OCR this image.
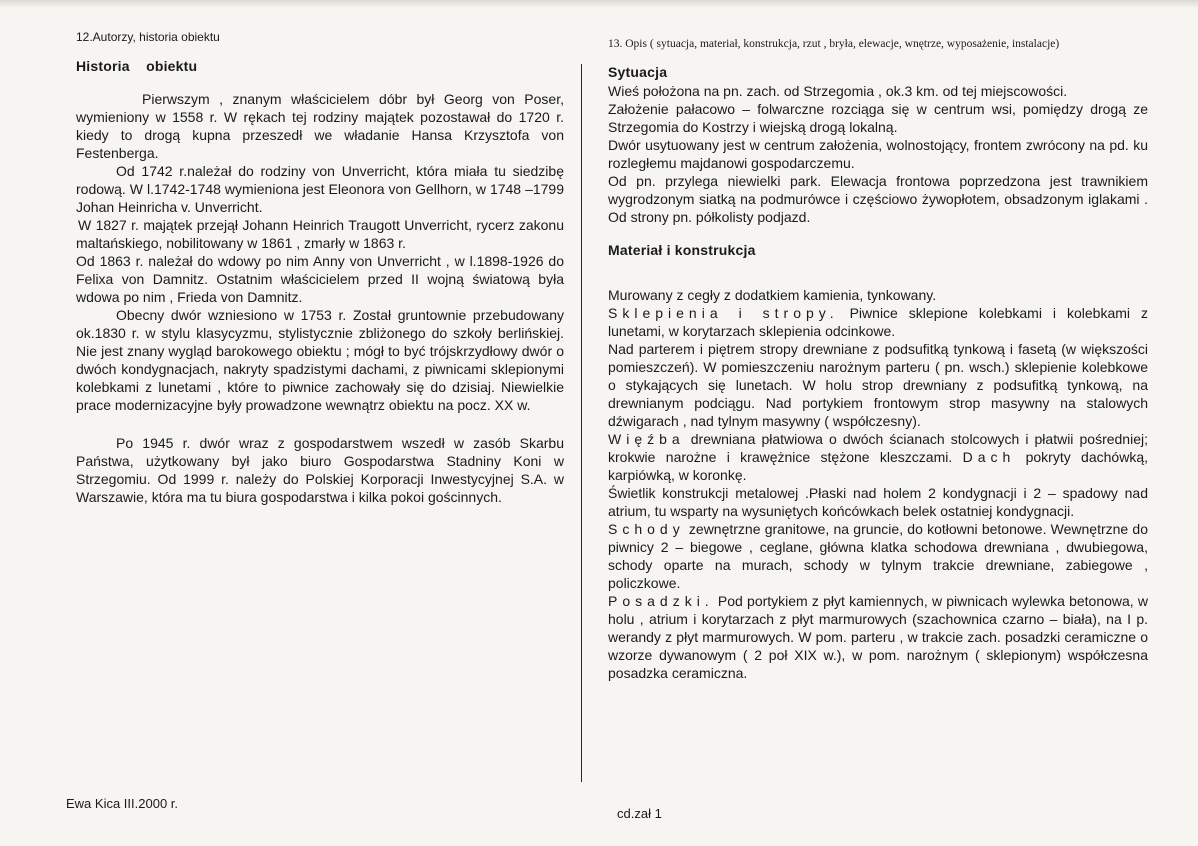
12.Autorzy, historia obiektu
Historia    obiektu

Pierwszym , znanym właścicielem dóbr był Georg von Poser, wymieniony w 1558 r. W rękach tej rodziny majątek pozostawał do 1720 r. kiedy to drogą kupna przeszedł we władanie Hansa Krzysztofa von Festenberga.

Od 1742 r.należał do rodziny von Unverricht, która miała tu siedzibę rodową. W l.1742-1748 wymieniona jest Eleonora von Gellhorn, w 1748 –1799 Johan Heinricha v. Unverricht.

W 1827 r. majątek przejął Johann Heinrich Traugott Unverricht, rycerz zakonu maltańskiego, nobilitowany w 1861 , zmarły w 1863 r.

Od 1863 r. należał do wdowy po nim Anny von Unverricht , w l.1898-1926 do Felixa von Damnitz. Ostatnim właścicielem przed II wojną światową była wdowa po nim , Frieda von Damnitz.

Obecny dwór wzniesiono w 1753 r. Został gruntownie przebudowany ok.1830 r. w stylu klasycyzmu, stylistycznie zbliżonego do szkoły berlińskiej. Nie jest znany wygląd barokowego obiektu ; mógł to być trójskrzydłowy dwór o dwóch kondygnacjach, nakryty spadzistymi dachami, z piwnicami sklepionymi kolebkami z lunetami , które to piwnice zachowały się do dzisiaj. Niewielkie prace modernizacyjne były prowadzone wewnątrz obiektu na pocz. XX w.

Po 1945 r. dwór wraz z gospodarstwem wszedł w zasób Skarbu Państwa, użytkowany był jako biuro Gospodarstwa Stadniny Koni w Strzegomiu. Od 1999 r. należy do Polskiej Korporacji Inwestycyjnej S.A. w Warszawie, która ma tu biura gospodarstwa i kilka pokoi gościnnych.

13. Opis ( sytuacja, materiał, konstrukcja, rzut , bryła, elewacje, wnętrze, wyposażenie, instalacje)
Sytuacja

Wieś położona na pn. zach. od Strzegomia , ok.3 km. od tej miejscowości.

Założenie pałacowo – folwarczne rozciąga się w centrum wsi, pomiędzy drogą ze Strzegomia do Kostrzy i wiejską drogą lokalną.

Dwór usytuowany jest w centrum założenia, wolnostojący, frontem zwrócony na pd. ku rozległemu majdanowi gospodarczemu.

Od pn. przylega niewielki park. Elewacja frontowa poprzedzona jest trawnikiem wygrodzonym siatką na podmurówce i częściowo żywopłotem, obsadzonym iglakami . Od strony pn. półkolisty podjazd.

Materiał i konstrukcja

Murowany z cegły z dodatkiem kamienia, tynkowany.

Sklepienia i stropy. Piwnice sklepione kolebkami i kolebkami z lunetami, w korytarzach sklepienia odcinkowe.

Nad parterem i piętrem stropy drewniane z podsufitką tynkową i fasetą (w większości pomieszczeń). W pomieszczeniu narożnym parteru ( pn. wsch.) sklepienie kolebkowe o stykających się lunetach. W holu strop drewniany z podsufitką tynkową, na drewnianym podciągu. Nad portykiem frontowym strop masywny na stalowych dźwigarach , nad tylnym masywny ( współczesny).

Więźba drewniana płatwiowa o dwóch ścianach stolcowych i płatwii pośredniej; krokwie narożne i krawężnice stężone kleszczami. Dach pokryty dachówką, karpiówką, w koronkę.

Świetlik konstrukcji metalowej .Płaski nad holem 2 kondygnacji i 2 – spadowy nad atrium, tu wsparty na wysuniętych końcówkach belek ostatniej kondygnacji.

Schody zewnętrzne granitowe, na gruncie, do kotłowni betonowe. Wewnętrzne do piwnicy 2 – biegowe , ceglane, główna klatka schodowa drewniana , dwubiegowa, schody oparte na murach, schody w tylnym trakcie drewniane, zabiegowe , policzkowe.

Posadzki. Pod portykiem z płyt kamiennych, w piwnicach wylewka betonowa, w holu , atrium i korytarzach z płyt marmurowych (szachownica czarno – biała), na I p. werandy z płyt marmurowych. W pom. parteru , w trakcie zach. posadzki ceramiczne o wzorze dywanowym ( 2 poł XIX w.), w pom. narożnym ( sklepionym) współczesna posadzka ceramiczna.

Ewa Kica III.2000 r.
cd.zał 1
